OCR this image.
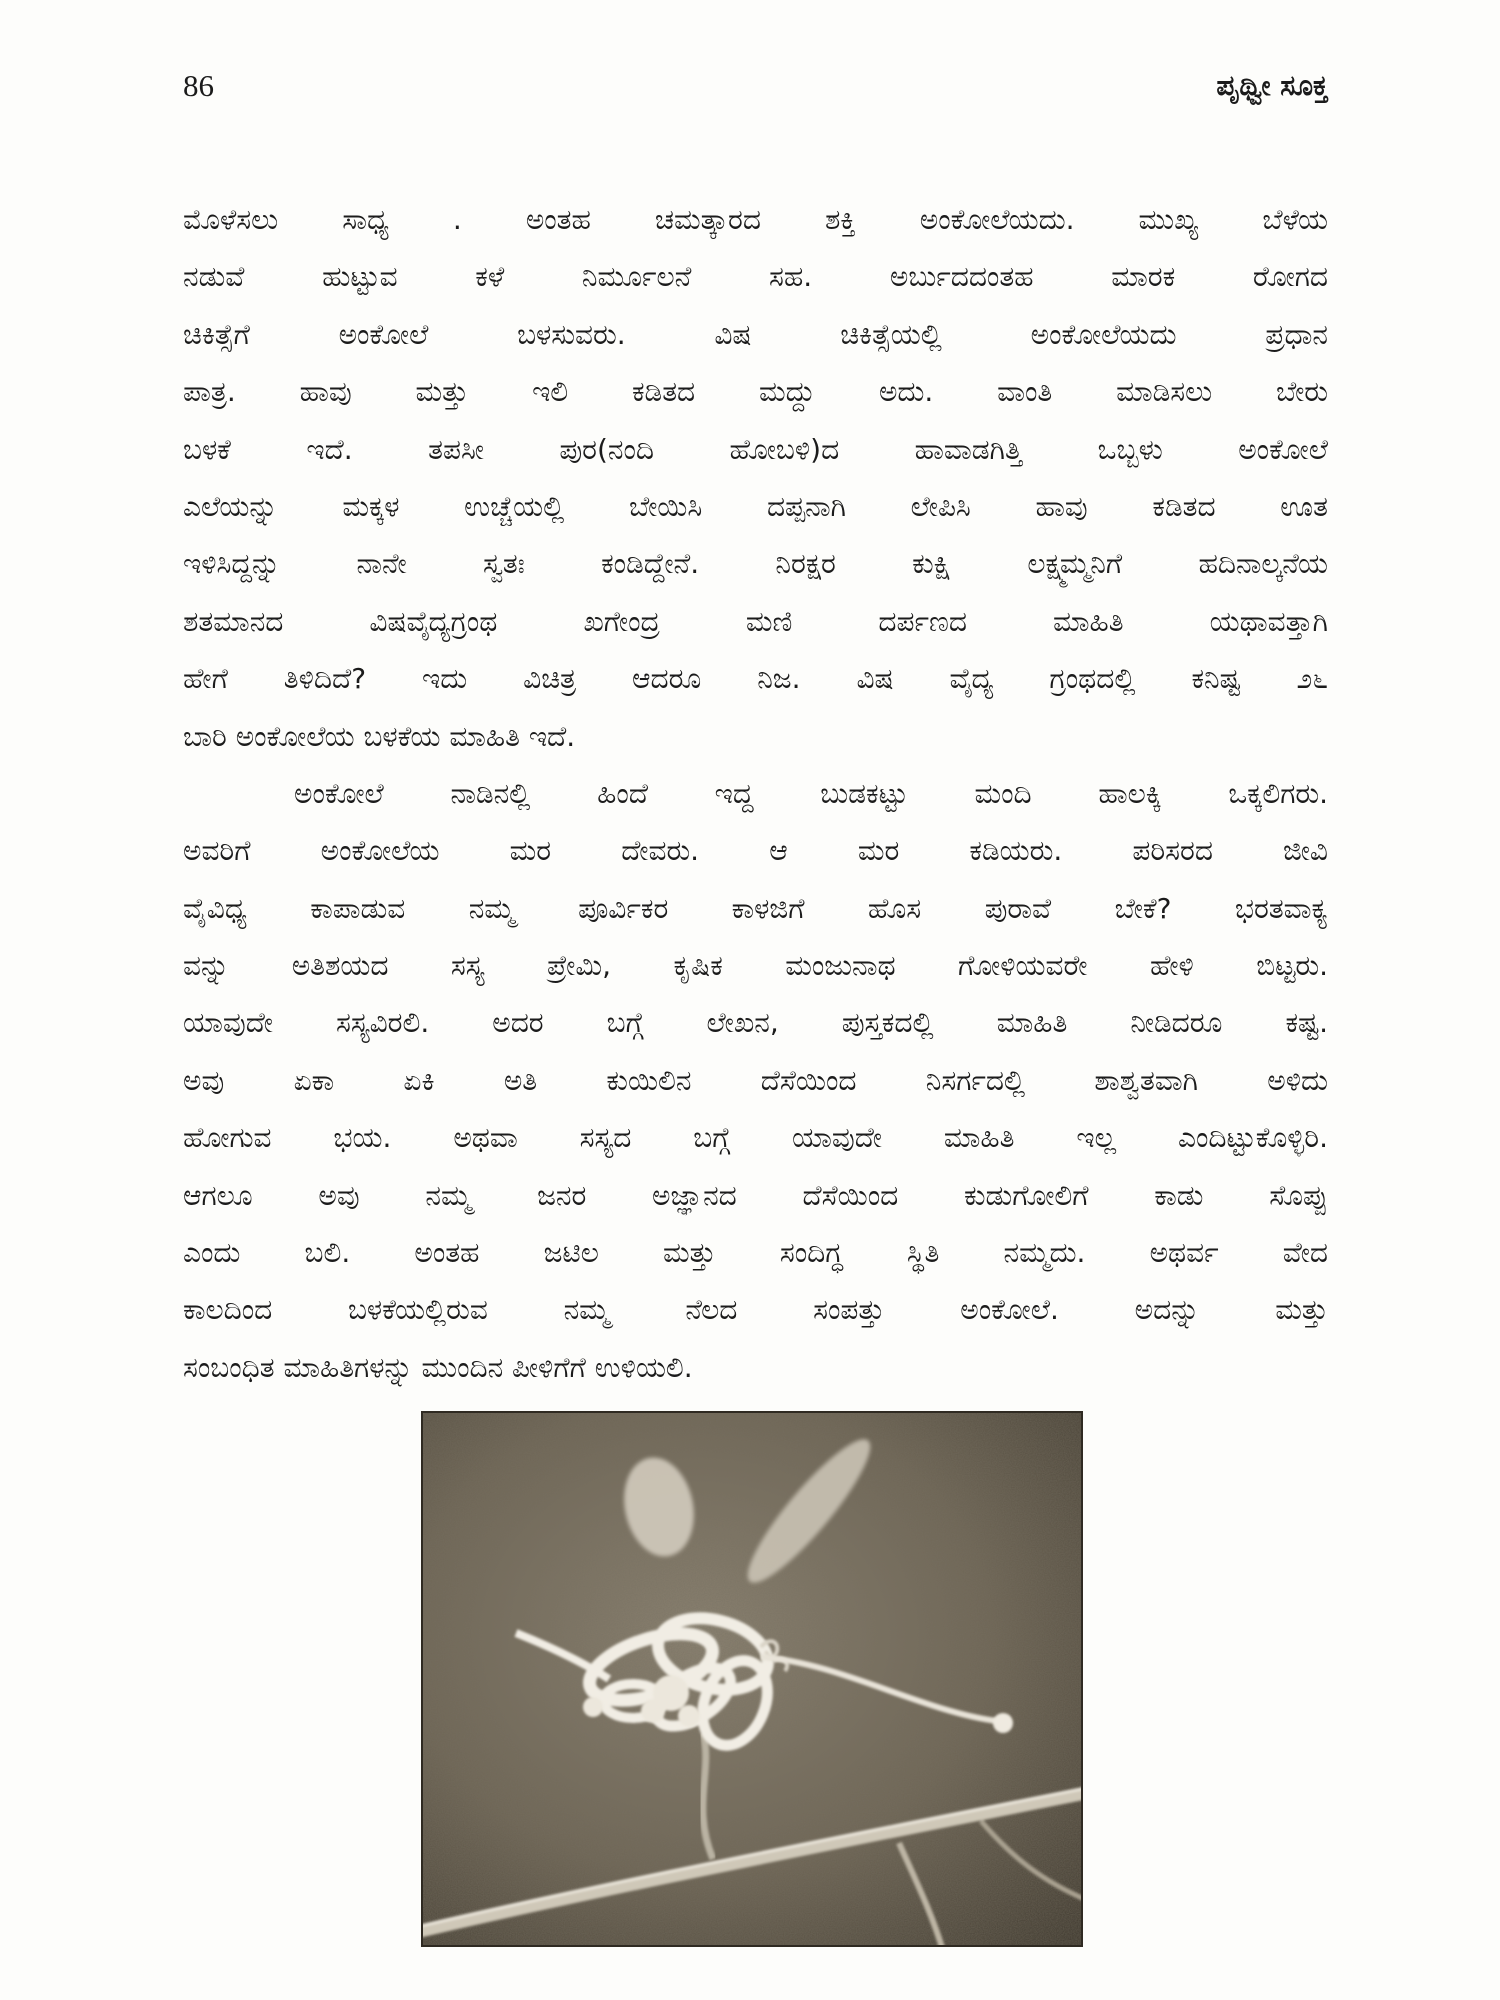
86	ಪೃಥ್ವೀ ಸೂಕ್ತ
ಮೊಳೆಸಲು ಸಾಧ್ಯ . ಅಂತಹ ಚಮತ್ಕಾರದ ಶಕ್ತಿ ಅಂಕೋಲೆಯದು. ಮುಖ್ಯ ಬೆಳೆಯ
ನಡುವೆ ಹುಟ್ಟುವ ಕಳೆ ನಿರ್ಮೂಲನೆ ಸಹ. ಅರ್ಬುದದಂತಹ ಮಾರಕ ರೋಗದ
ಚಿಕಿತ್ಸೆಗೆ ಅಂಕೋಲೆ ಬಳಸುವರು. ವಿಷ ಚಿಕಿತ್ಸೆಯಲ್ಲಿ ಅಂಕೋಲೆಯದು ಪ್ರಧಾನ
ಪಾತ್ರ. ಹಾವು ಮತ್ತು ಇಲಿ ಕಡಿತದ ಮದ್ದು ಅದು. ವಾಂತಿ ಮಾಡಿಸಲು ಬೇರು
ಬಳಕೆ ಇದೆ. ತಪಸೀ ಪುರ(ನಂದಿ ಹೋಬಳಿ)ದ ಹಾವಾಡಗಿತ್ತಿ ಒಬ್ಬಳು ಅಂಕೋಲೆ
ಎಲೆಯನ್ನು ಮಕ್ಕಳ ಉಚ್ಚೆಯಲ್ಲಿ ಬೇಯಿಸಿ ದಪ್ಪನಾಗಿ ಲೇಪಿಸಿ ಹಾವು ಕಡಿತದ ಊತ
ಇಳಿಸಿದ್ದನ್ನು ನಾನೇ ಸ್ವತಃ ಕಂಡಿದ್ದೇನೆ. ನಿರಕ್ಷರ ಕುಕ್ಷಿ ಲಕ್ಷ್ಮಮ್ಮನಿಗೆ ಹದಿನಾಲ್ಕನೆಯ
ಶತಮಾನದ ವಿಷವೈದ್ಯಗ್ರಂಥ ಖಗೇಂದ್ರ ಮಣಿ ದರ್ಪಣದ ಮಾಹಿತಿ ಯಥಾವತ್ತಾಗಿ
ಹೇಗೆ ತಿಳಿದಿದೆ? ಇದು ವಿಚಿತ್ರ ಆದರೂ ನಿಜ. ವಿಷ ವೈದ್ಯ ಗ್ರಂಥದಲ್ಲಿ ಕನಿಷ್ಟ ೨೬
ಬಾರಿ ಅಂಕೋಲೆಯ ಬಳಕೆಯ ಮಾಹಿತಿ ಇದೆ.
ಅಂಕೋಲೆ ನಾಡಿನಲ್ಲಿ ಹಿಂದೆ ಇದ್ದ ಬುಡಕಟ್ಟು ಮಂದಿ ಹಾಲಕ್ಕಿ ಒಕ್ಕಲಿಗರು.
ಅವರಿಗೆ ಅಂಕೋಲೆಯ ಮರ ದೇವರು. ಆ ಮರ ಕಡಿಯರು. ಪರಿಸರದ ಜೀವಿ
ವೈವಿಧ್ಯ ಕಾಪಾಡುವ ನಮ್ಮ ಪೂರ್ವಿಕರ ಕಾಳಜಿಗೆ ಹೊಸ ಪುರಾವೆ ಬೇಕೆ? ಭರತವಾಕ್ಯ
ವನ್ನು ಅತಿಶಯದ ಸಸ್ಯ ಪ್ರೇಮಿ, ಕೃಷಿಕ ಮಂಜುನಾಥ ಗೋಳಿಯವರೇ ಹೇಳಿ ಬಿಟ್ಟರು.
ಯಾವುದೇ ಸಸ್ಯವಿರಲಿ. ಅದರ ಬಗ್ಗೆ ಲೇಖನ, ಪುಸ್ತಕದಲ್ಲಿ ಮಾಹಿತಿ ನೀಡಿದರೂ ಕಷ್ಟ.
ಅವು ಏಕಾ ಏಕಿ ಅತಿ ಕುಯಿಲಿನ ದೆಸೆಯಿಂದ ನಿಸರ್ಗದಲ್ಲಿ ಶಾಶ್ವತವಾಗಿ ಅಳಿದು
ಹೋಗುವ ಭಯ. ಅಥವಾ ಸಸ್ಯದ ಬಗ್ಗೆ ಯಾವುದೇ ಮಾಹಿತಿ ಇಲ್ಲ ಎಂದಿಟ್ಟುಕೊಳ್ಳಿರಿ.
ಆಗಲೂ ಅವು ನಮ್ಮ ಜನರ ಅಜ್ಞಾನದ ದೆಸೆಯಿಂದ ಕುಡುಗೋಲಿಗೆ ಕಾಡು ಸೊಪ್ಪು
ಎಂದು ಬಲಿ. ಅಂತಹ ಜಟಿಲ ಮತ್ತು ಸಂದಿಗ್ಧ ಸ್ಥಿತಿ ನಮ್ಮದು. ಅಥರ್ವ ವೇದ
ಕಾಲದಿಂದ ಬಳಕೆಯಲ್ಲಿರುವ ನಮ್ಮ ನೆಲದ ಸಂಪತ್ತು ಅಂಕೋಲೆ. ಅದನ್ನು ಮತ್ತು
ಸಂಬಂಧಿತ ಮಾಹಿತಿಗಳನ್ನು ಮುಂದಿನ ಪೀಳಿಗೆಗೆ ಉಳಿಯಲಿ.
